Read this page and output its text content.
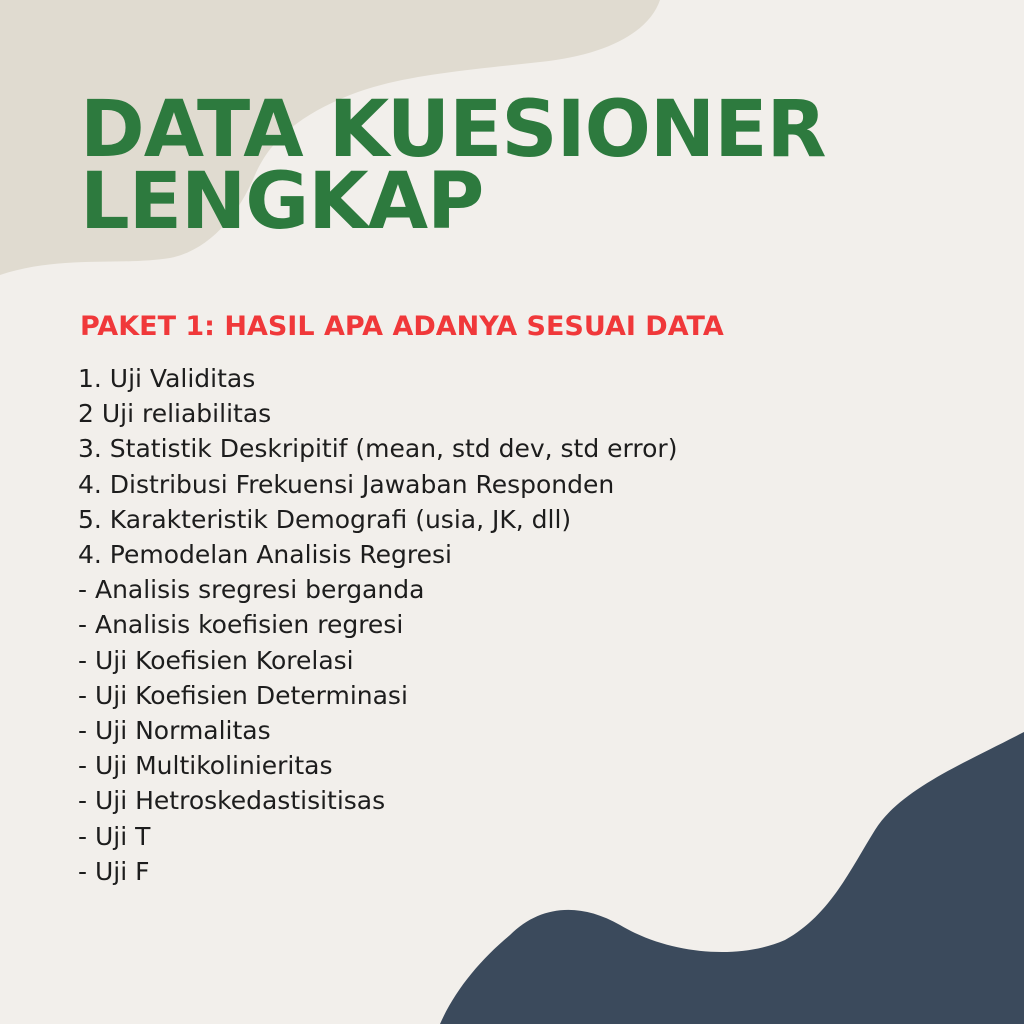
DATA KUESIONER
LENGKAP
PAKET 1: HASIL APA ADANYA SESUAI DATA
1. Uji Validitas
2 Uji reliabilitas
3. Statistik Deskripitif (mean, std dev, std error)
4. Distribusi Frekuensi Jawaban Responden
5. Karakteristik Demografi (usia, JK, dll)
4. Pemodelan Analisis Regresi
- Analisis sregresi berganda
- Analisis koefisien regresi
- Uji Koefisien Korelasi
- Uji Koefisien Determinasi
- Uji Normalitas
- Uji Multikolinieritas
- Uji Hetroskedastisitisas
- Uji T
- Uji F
